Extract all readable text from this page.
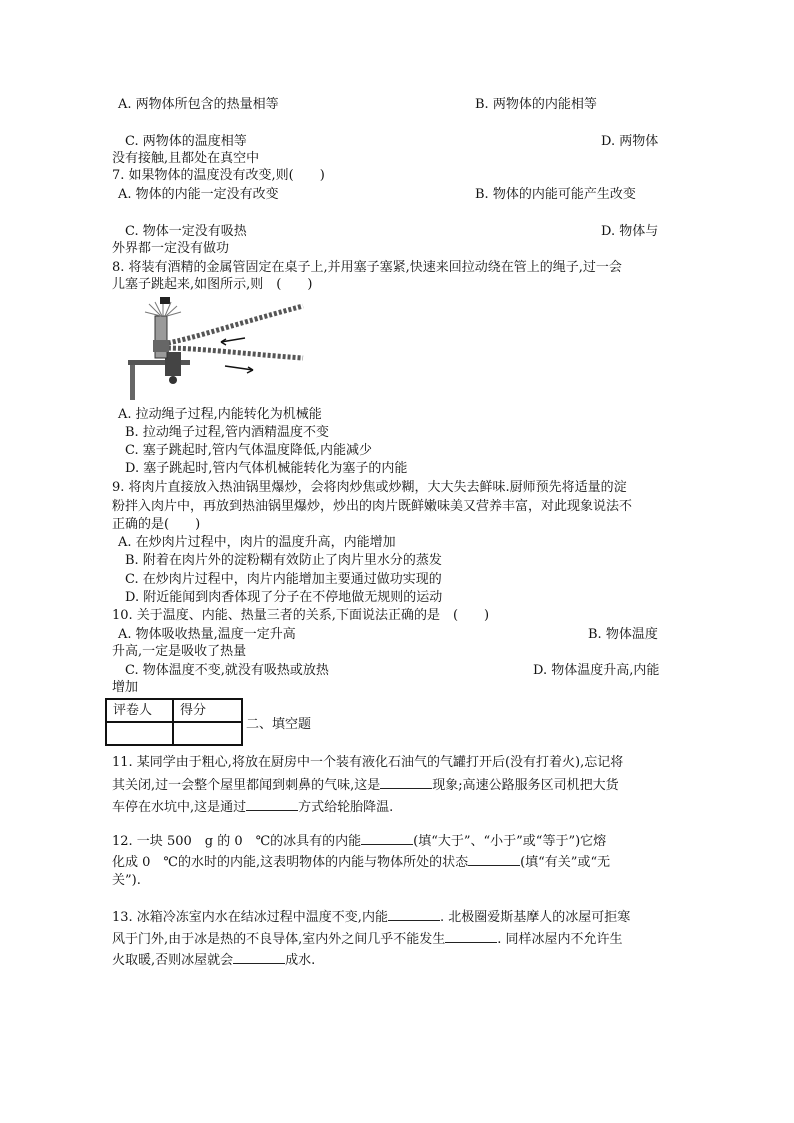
A. 两物体所包含的热量相等	B. 两物体的内能相等
C. 两物体的温度相等	D. 两物体
没有接触,且都处在真空中
7. 如果物体的温度没有改变,则(　　)
A. 物体的内能一定没有改变	B. 物体的内能可能产生改变
C. 物体一定没有吸热	D. 物体与
外界都一定没有做功
8. 将装有酒精的金属管固定在桌子上,并用塞子塞紧,快速来回拉动绕在管上的绳子,过一会
儿塞子跳起来,如图所示,则　(　　)
A. 拉动绳子过程,内能转化为机械能
B. 拉动绳子过程,管内酒精温度不变
C. 塞子跳起时,管内气体温度降低,内能减少
D. 塞子跳起时,管内气体机械能转化为塞子的内能
9. 将肉片直接放入热油锅里爆炒，会将肉炒焦或炒糊，大大失去鲜味.厨师预先将适量的淀
粉拌入肉片中，再放到热油锅里爆炒，炒出的肉片既鲜嫩味美又营养丰富，对此现象说法不
正确的是(　　)
A. 在炒肉片过程中，肉片的温度升高，内能增加
B. 附着在肉片外的淀粉糊有效防止了肉片里水分的蒸发
C. 在炒肉片过程中，肉片内能增加主要通过做功实现的
D. 附近能闻到肉香体现了分子在不停地做无规则的运动
10. 关于温度、内能、热量三者的关系,下面说法正确的是　(　　)
A. 物体吸收热量,温度一定升高	B. 物体温度
升高,一定是吸收了热量
C. 物体温度不变,就没有吸热或放热	D. 物体温度升高,内能
增加
评卷人	得分

二、填空题
11. 某同学由于粗心,将放在厨房中一个装有液化石油气的气罐打开后(没有打着火),忘记将
其关闭,过一会整个屋里都闻到刺鼻的气味,这是	现象;高速公路服务区司机把大货
车停在水坑中,这是通过	方式给轮胎降温.
12. 一块 500　g 的 0　℃的冰具有的内能	(填“大于”、“小于”或“等于”)它熔
化成 0　℃的水时的内能,这表明物体的内能与物体所处的状态	(填“有关”或“无
关”).
13. 冰箱冷冻室内水在结冰过程中温度不变,内能	. 北极圈爱斯基摩人的冰屋可拒寒
风于门外,由于冰是热的不良导体,室内外之间几乎不能发生	. 同样冰屋内不允许生
火取暖,否则冰屋就会	成水.
